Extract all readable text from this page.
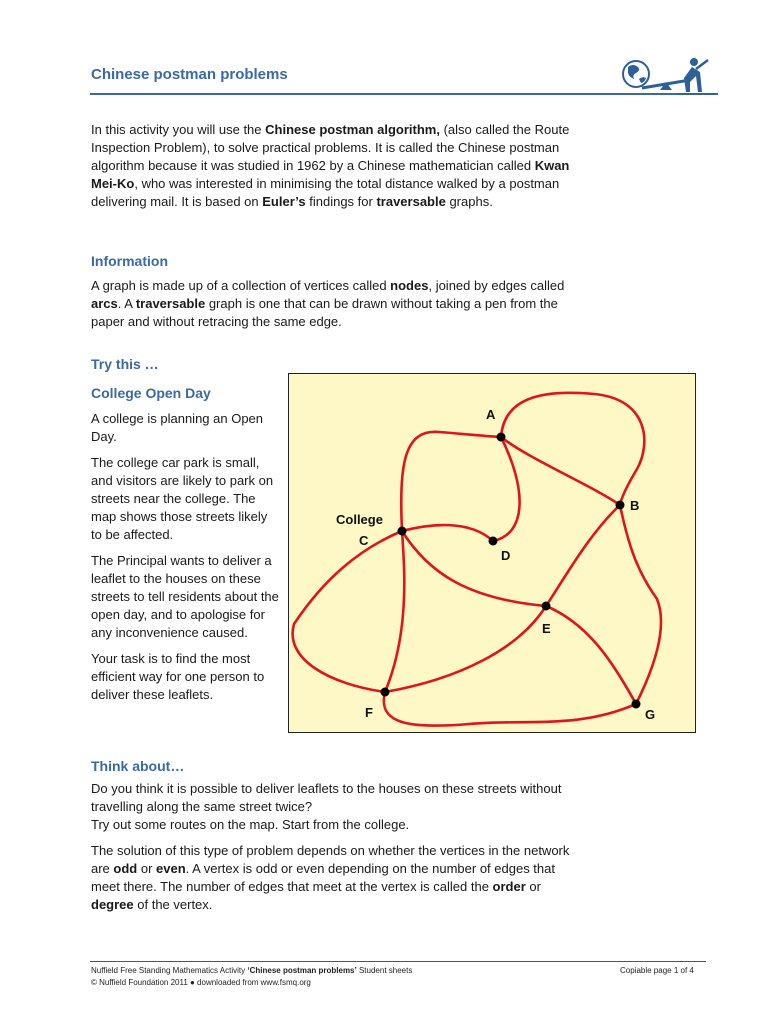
Chinese postman problems
In this activity you will use the Chinese postman algorithm, (also called the Route Inspection Problem), to solve practical problems. It is called the Chinese postman algorithm because it was studied in 1962 by a Chinese mathematician called Kwan Mei-Ko, who was interested in minimising the total distance walked by a postman delivering mail. It is based on Euler’s findings for traversable graphs.
Information
A graph is made up of a collection of vertices called nodes, joined by edges called arcs. A traversable graph is one that can be drawn without taking a pen from the paper and without retracing the same edge.
Try this …
College Open Day

A college is planning an Open Day.

The college car park is small, and visitors are likely to park on streets near the college. The map shows those streets likely to be affected.

The Principal wants to deliver a leaflet to the houses on these streets to tell residents about the open day, and to apologise for any inconvenience caused.

Your task is to find the most efficient way for one person to deliver these leaflets.

A
B
College
C
D
E
F	G
Think about…
Do you think it is possible to deliver leaflets to the houses on these streets without travelling along the same street twice?

Try out some routes on the map. Start from the college.

The solution of this type of problem depends on whether the vertices in the network are odd or even. A vertex is odd or even depending on the number of edges that meet there. The number of edges that meet at the vertex is called the order or degree of the vertex.

Nuffield Free Standing Mathematics Activity ‘Chinese postman problems’ Student sheets
© Nuffield Foundation 2011 ● downloaded from www.fsmq.org
Copiable page 1 of 4
